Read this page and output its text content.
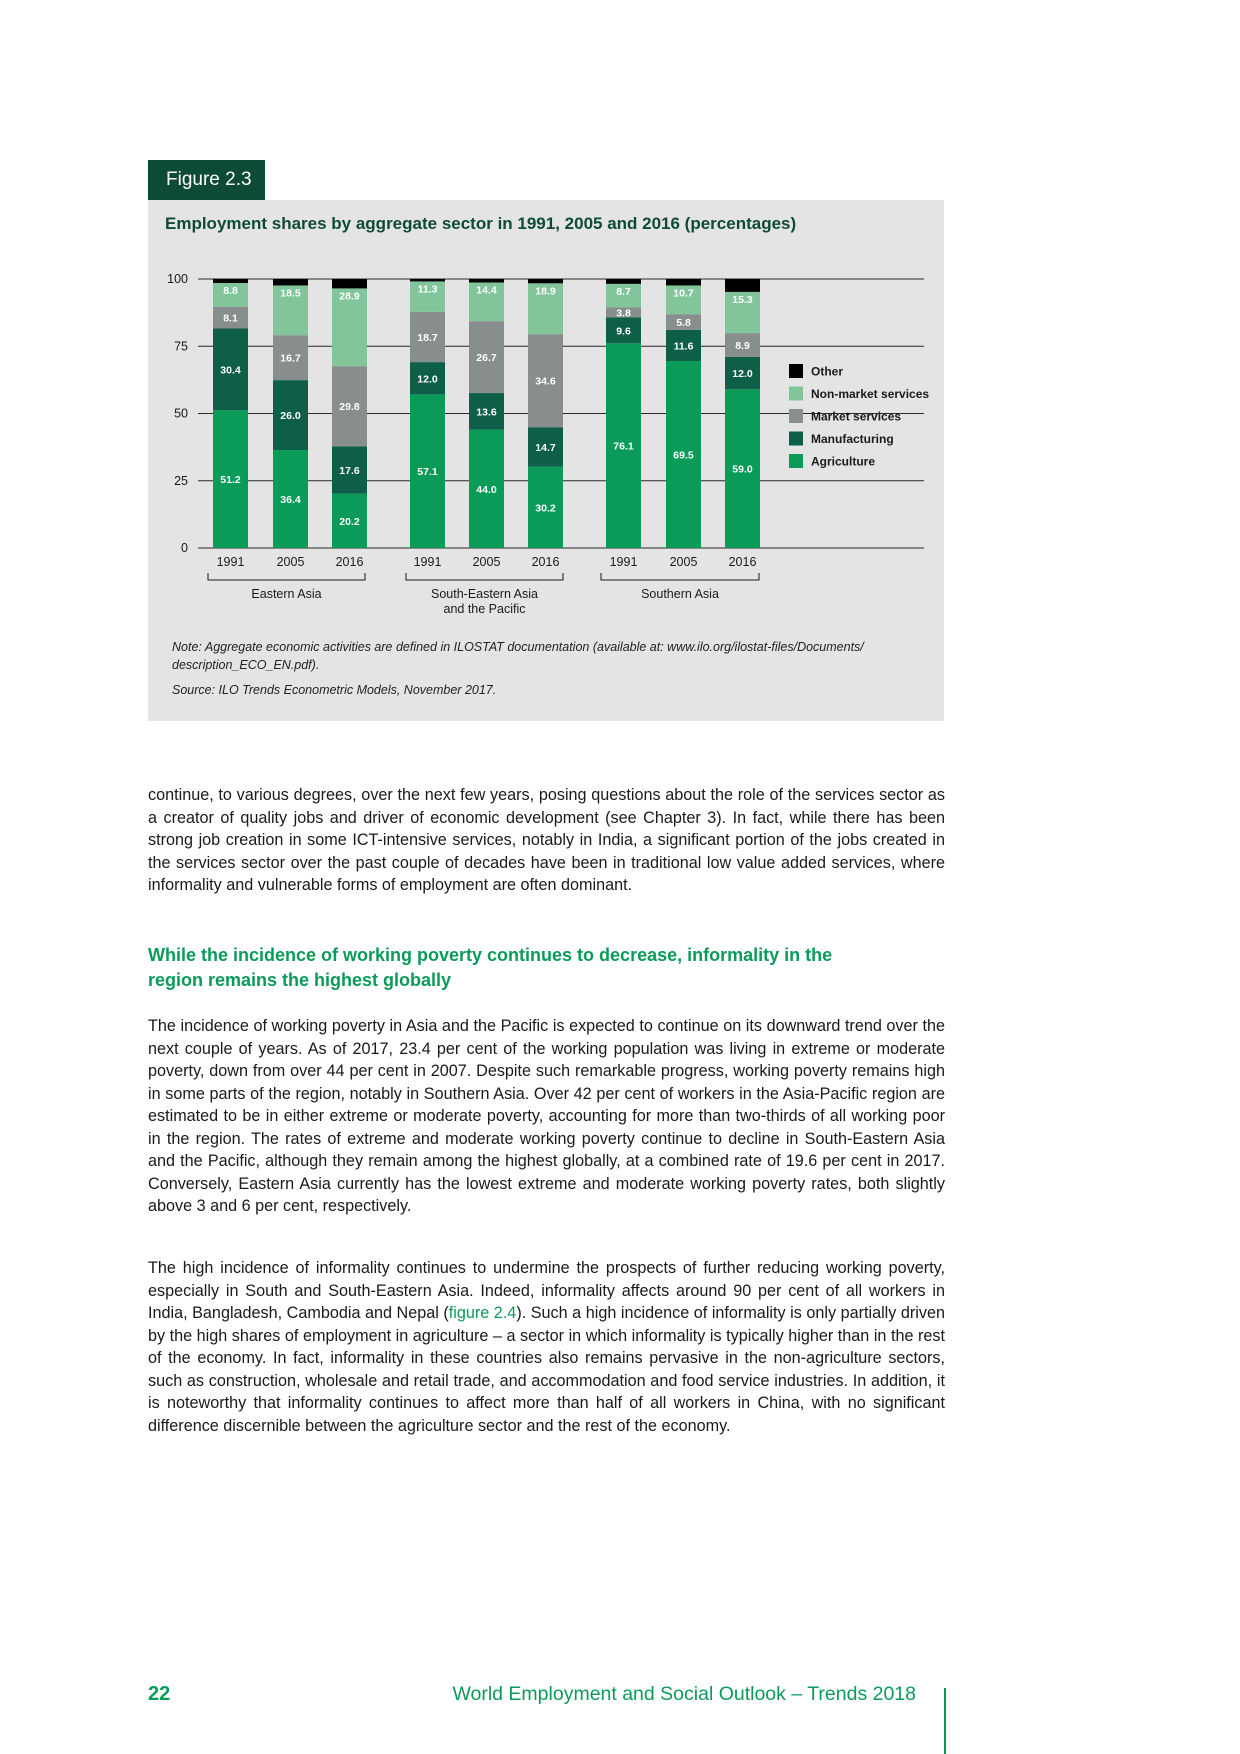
Figure 2.3
Employment shares by aggregate sector in 1991, 2005 and 2016 (percentages)
0
25
50
75
100
51.2
30.4
8.1
8.8
36.4
26.0
16.7
18.5
20.2
17.6
29.8
28.9
57.1
12.0
18.7
11.3
44.0
13.6
26.7
14.4
30.2
14.7
34.6
18.9
76.1
9.6
3.8
8.7
69.5
11.6
5.8
10.7
59.0
12.0
8.9
15.3
1991	2005 2016	1991 2005 2016	1991	2005 2016
Eastern Asia	South-Eastern Asia
and the Pacific
Southern Asia
Other
Non-market services
Market services
Manufacturing
Agriculture
Note: Aggregate economic activities are defined in ILOSTAT documentation (available at: www.ilo.org/ilostat-files/Documents/
description_ECO_EN.pdf).
Source: ILO Trends Econometric Models, November 2017.

continue, to various degrees, over the next few years, posing questions about the role of the services sector as a creator of quality jobs and driver of economic development (see Chapter 3). In fact, while there has been strong job creation in some ICT-intensive services, notably in India, a significant portion of the jobs created in the services sector over the past couple of decades have been in traditional low value added services, where informality and vulnerable forms of employment are often dominant.

While the incidence of working poverty continues to decrease, informality in the region remains the highest globally

The incidence of working poverty in Asia and the Pacific is expected to continue on its downward trend over the next couple of years. As of 2017, 23.4 per cent of the working population was living in extreme or moderate poverty, down from over 44 per cent in 2007. Despite such remarkable progress, working poverty remains high in some parts of the region, notably in Southern Asia. Over 42 per cent of workers in the Asia-Pacific region are estimated to be in either extreme or moderate poverty, accounting for more than two-thirds of all working poor in the region. The rates of extreme and moderate working poverty continue to decline in South-Eastern Asia and the Pacific, although they remain among the highest globally, at a combined rate of 19.6 per cent in 2017. Conversely, Eastern Asia currently has the lowest extreme and moderate working poverty rates, both slightly above 3 and 6 per cent, respectively.

The high incidence of informality continues to undermine the prospects of further reducing working poverty, especially in South and South-Eastern Asia. Indeed, informality affects around 90 per cent of all workers in India, Bangladesh, Cambodia and Nepal (figure 2.4). Such a high incidence of informality is only partially driven by the high shares of employment in agriculture – a sector in which informality is typically higher than in the rest of the economy. In fact, informality in these countries also remains pervasive in the non-agriculture sectors, such as construction, wholesale and retail trade, and accommodation and food service industries. In addition, it is noteworthy that informality continues to affect more than half of all workers in China, with no significant difference discernible between the agriculture sector and the rest of the economy.

22	World Employment and Social Outlook – Trends 2018
